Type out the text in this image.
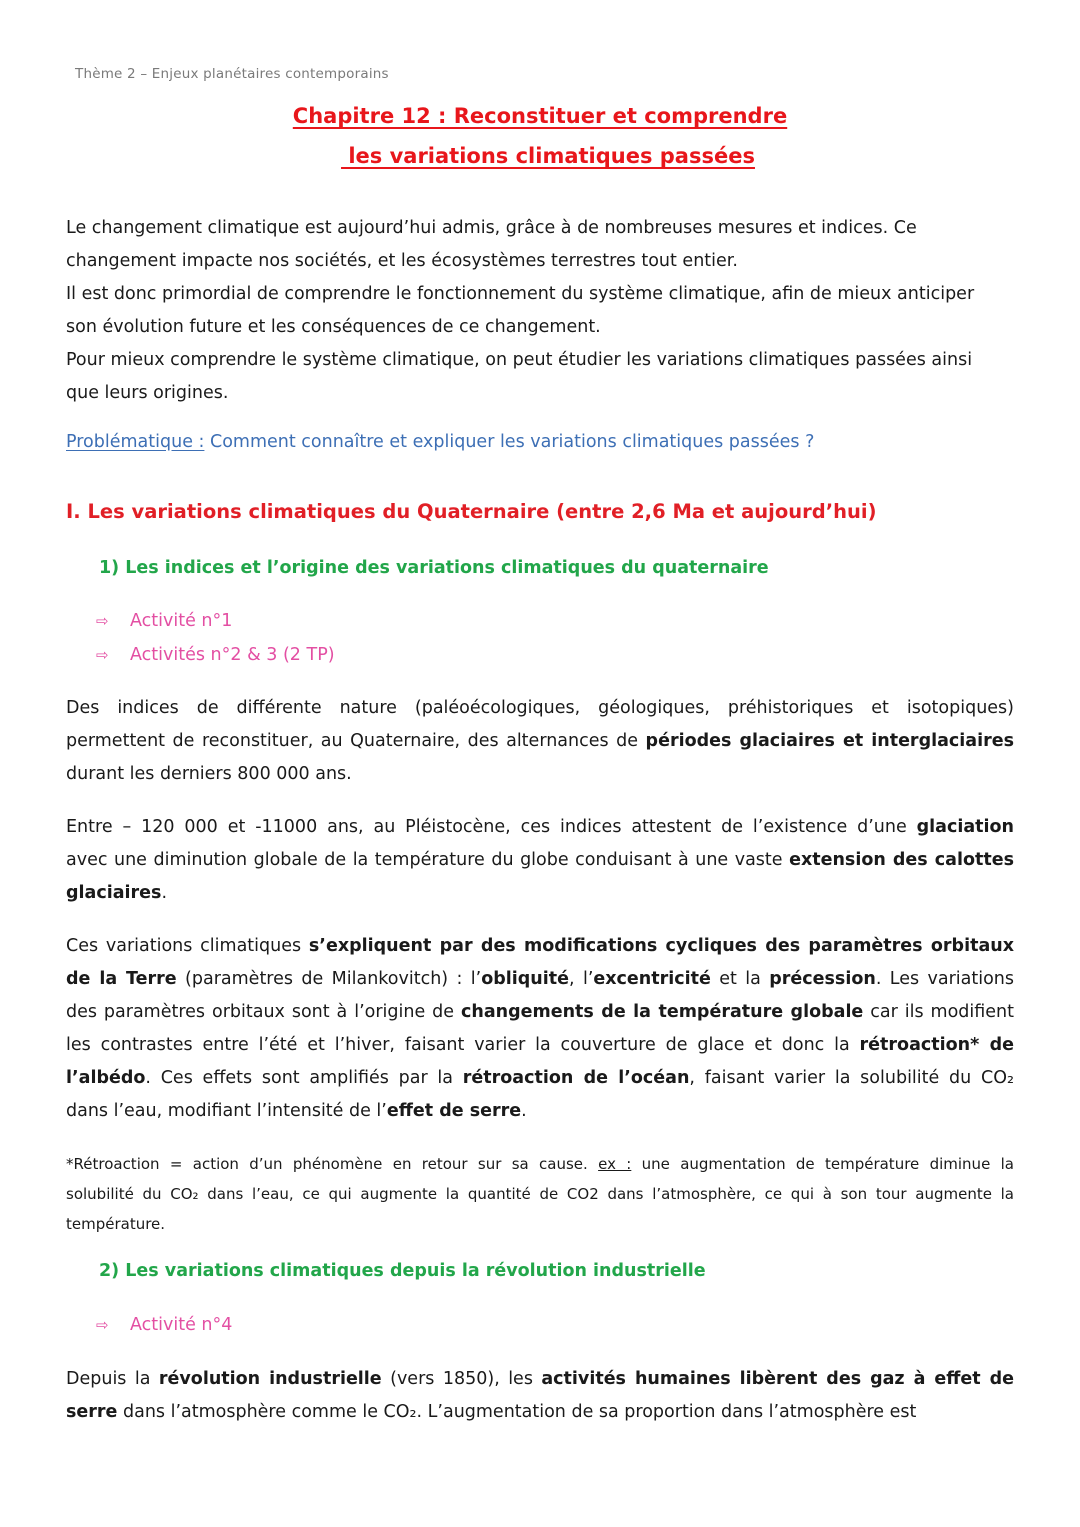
Thème 2 – Enjeux planétaires contemporains
Chapitre 12 : Reconstituer et comprendre
les variations climatiques passées
Le changement climatique est aujourd’hui admis, grâce à de nombreuses mesures et indices. Ce
changement impacte nos sociétés, et les écosystèmes terrestres tout entier.
Il est donc primordial de comprendre le fonctionnement du système climatique, afin de mieux anticiper
son évolution future et les conséquences de ce changement.
Pour mieux comprendre le système climatique, on peut étudier les variations climatiques passées ainsi
que leurs origines.
Problématique : Comment connaître et expliquer les variations climatiques passées ?
I. Les variations climatiques du Quaternaire (entre 2,6 Ma et aujourd’hui)
1) Les indices et l’origine des variations climatiques du quaternaire
⇨ Activité n°1
⇨ Activités n°2 & 3 (2 TP)
Des indices de différente nature (paléoécologiques, géologiques, préhistoriques et isotopiques)
permettent de reconstituer, au Quaternaire, des alternances de périodes glaciaires et interglaciaires
durant les derniers 800 000 ans.
Entre – 120 000 et -11000 ans, au Pléistocène, ces indices attestent de l’existence d’une glaciation
avec une diminution globale de la température du globe conduisant à une vaste extension des calottes
glaciaires.
Ces variations climatiques s’expliquent par des modifications cycliques des paramètres orbitaux
de la Terre (paramètres de Milankovitch) : l’obliquité, l’excentricité et la précession. Les variations
des paramètres orbitaux sont à l’origine de changements de la température globale car ils modifient
les contrastes entre l’été et l’hiver, faisant varier la couverture de glace et donc la rétroaction* de
l’albédo. Ces effets sont amplifiés par la rétroaction de l’océan, faisant varier la solubilité du CO₂
dans l’eau, modifiant l’intensité de l’effet de serre.
*Rétroaction = action d’un phénomène en retour sur sa cause. ex : une augmentation de température diminue la
solubilité du CO₂ dans l’eau, ce qui augmente la quantité de CO2 dans l’atmosphère, ce qui à son tour augmente la
température.
2) Les variations climatiques depuis la révolution industrielle
⇨ Activité n°4
Depuis la révolution industrielle (vers 1850), les activités humaines libèrent des gaz à effet de
serre dans l’atmosphère comme le CO₂. L’augmentation de sa proportion dans l’atmosphère est
